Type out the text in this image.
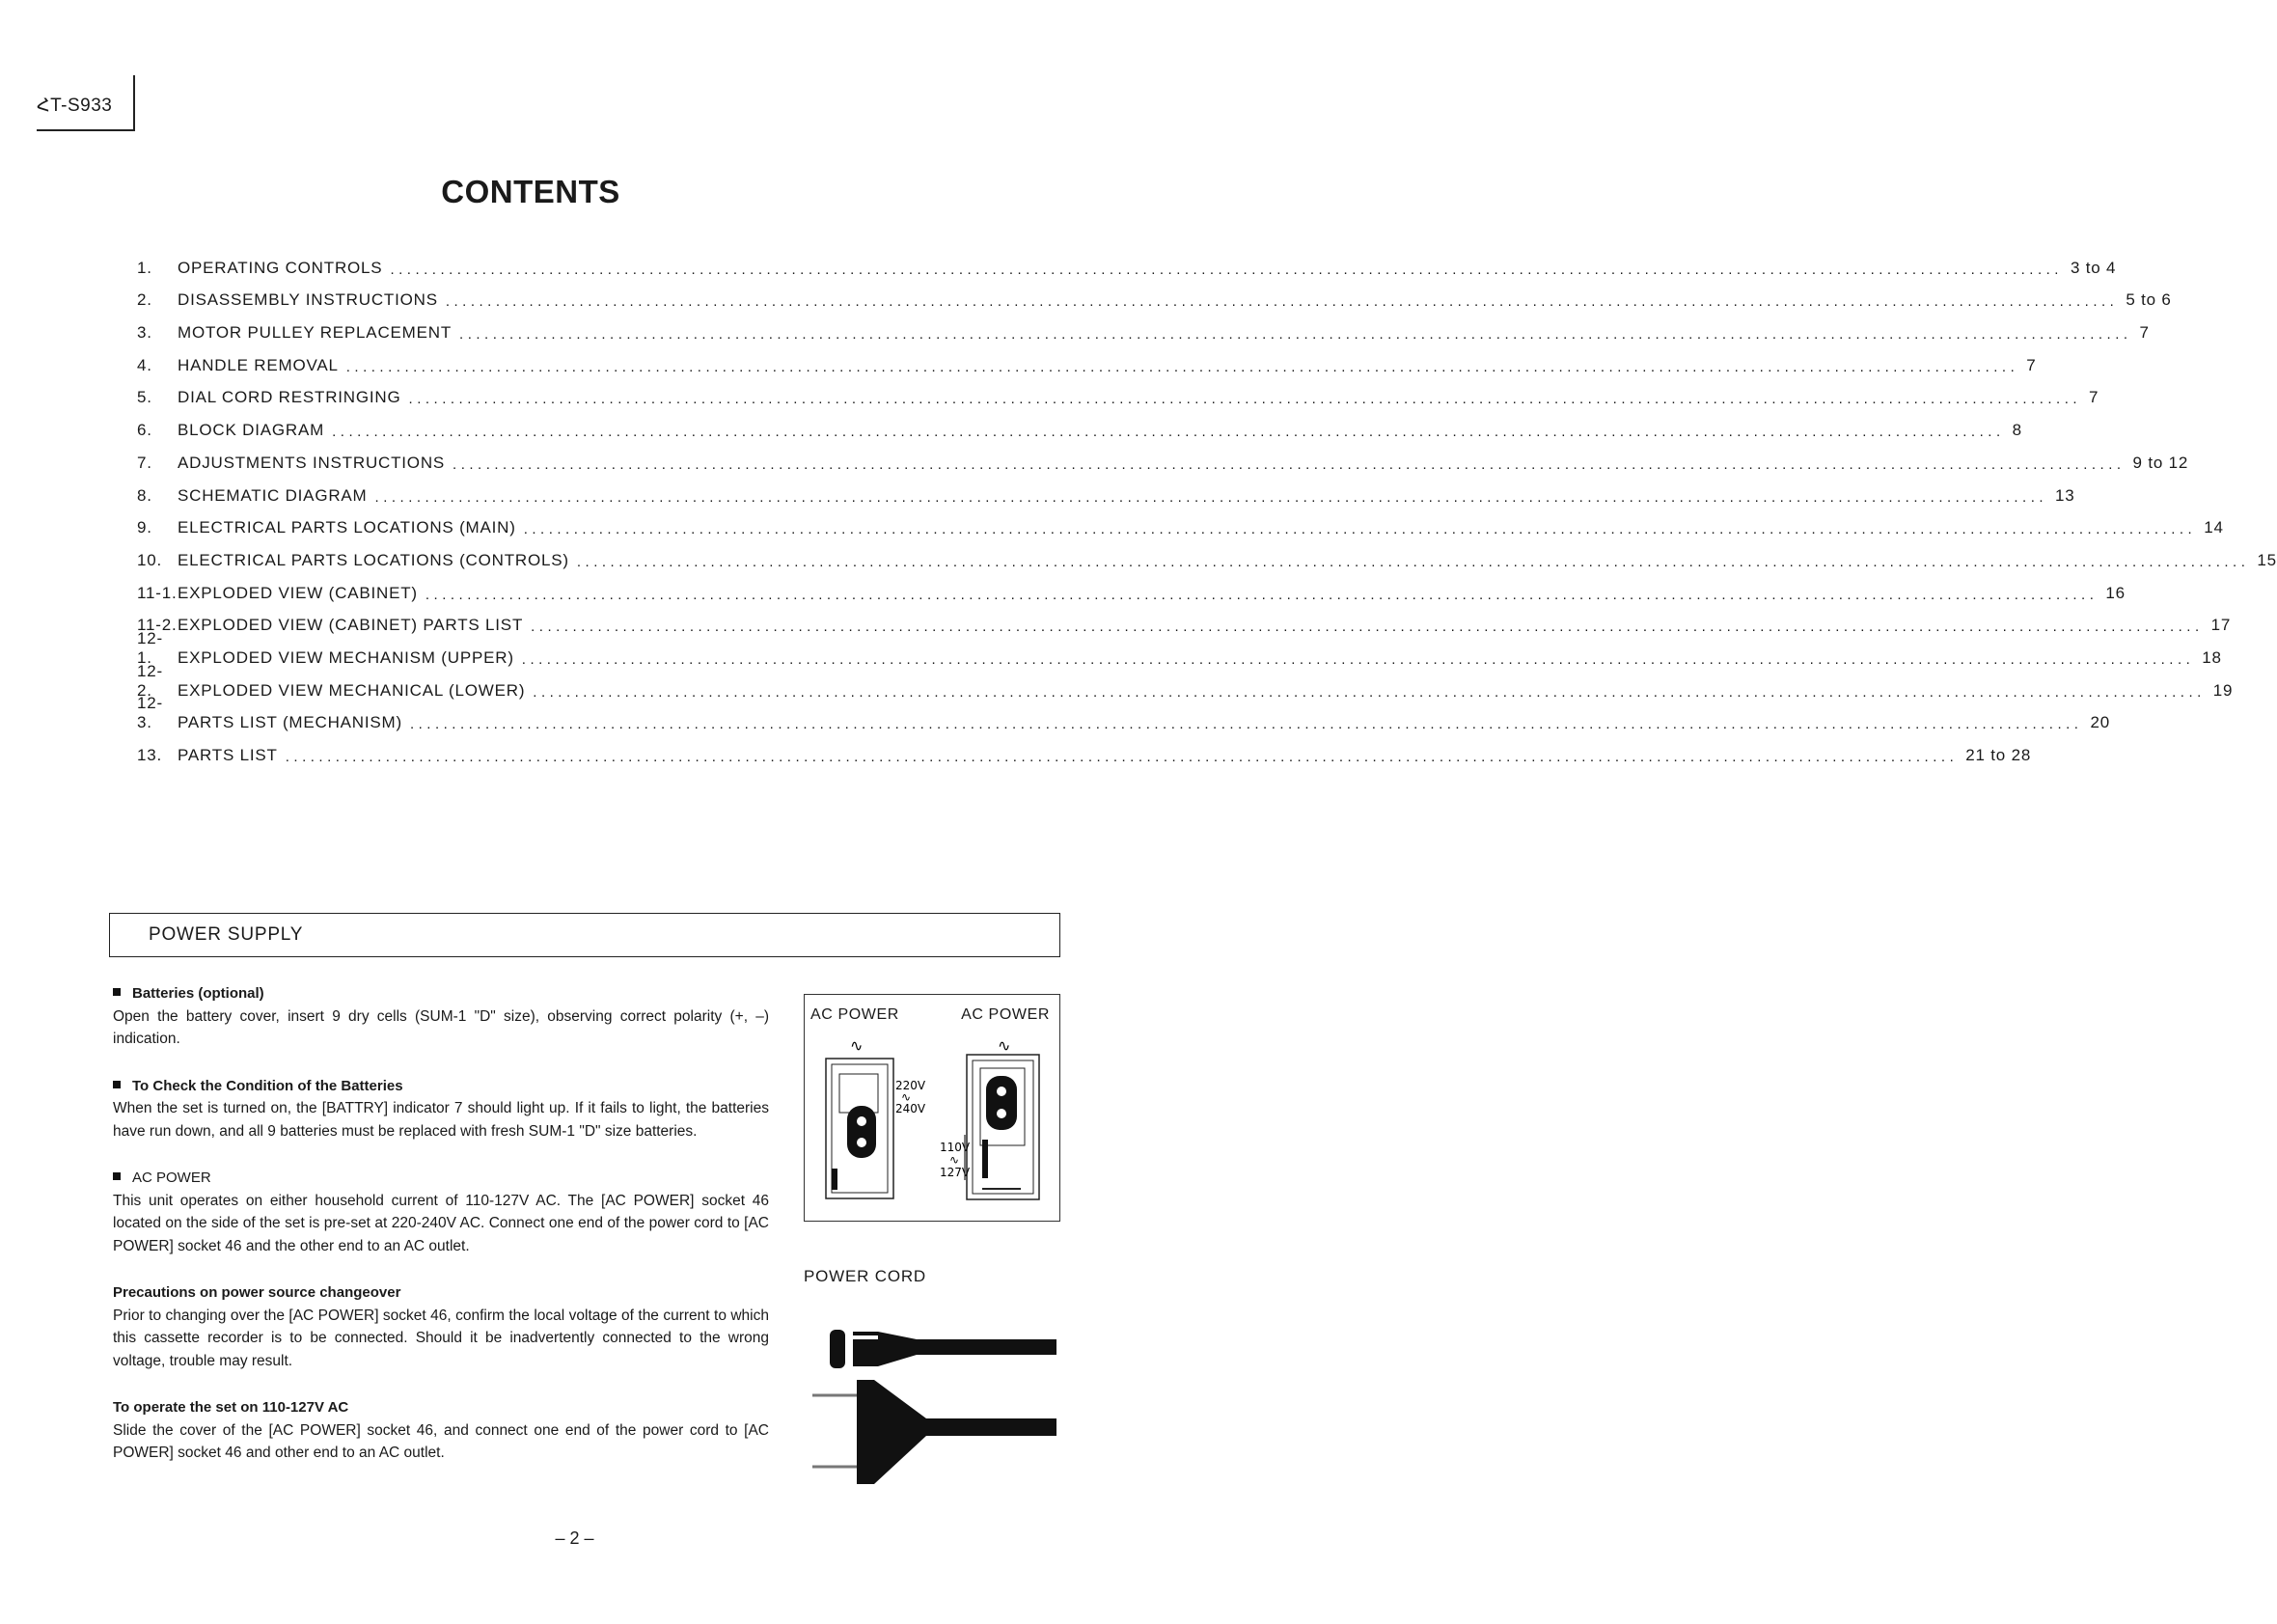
ՀT-S933
CONTENTS
1.	OPERATING CONTROLS ........................................................................................................................................................................................................ 3 to 4
2.	DISASSEMBLY INSTRUCTIONS ........................................................................................................................................................................................................ 5 to 6
3.	MOTOR PULLEY REPLACEMENT ........................................................................................................................................................................................................ 7
4.	HANDLE REMOVAL ........................................................................................................................................................................................................ 7
5.	DIAL CORD RESTRINGING ........................................................................................................................................................................................................ 7
6.	BLOCK DIAGRAM ........................................................................................................................................................................................................ 8
7.	ADJUSTMENTS INSTRUCTIONS ........................................................................................................................................................................................................ 9 to 12
8.	SCHEMATIC DIAGRAM ........................................................................................................................................................................................................ 13
9.	ELECTRICAL PARTS LOCATIONS (MAIN) ........................................................................................................................................................................................................ 14
10. ELECTRICAL PARTS LOCATIONS (CONTROLS) ........................................................................................................................................................................................................ 15
11-1. EXPLODED VIEW (CABINET) ........................................................................................................................................................................................................ 16
11-2. EXPLODED VIEW (CABINET) PARTS LIST ........................................................................................................................................................................................................ 17
12-1.	EXPLODED VIEW MECHANISM (UPPER) ........................................................................................................................................................................................................ 18
12-2.	EXPLODED VIEW MECHANICAL (LOWER) ........................................................................................................................................................................................................ 19
12-3.	PARTS LIST (MECHANISM) ........................................................................................................................................................................................................ 20
13. PARTS LIST ........................................................................................................................................................................................................ 21 to 28
POWER SUPPLY

Batteries (optional)
Open the battery cover, insert 9 dry cells (SUM-1 "D" size), observing correct polarity (+, –) indication.

To Check the Condition of the Batteries
When the set is turned on, the [BATTRY] indicator 7 should light up. If it fails to light, the batteries have run down, and all 9 batteries must be replaced with fresh SUM-1 "D" size batteries.

AC POWER
This unit operates on either household current of 110-127V AC. The [AC POWER] socket 46 located on the side of the set is pre-set at 220-240V AC. Connect one end of the power cord to [AC POWER] socket 46 and the other end to an AC outlet.

Precautions on power source changeover
Prior to changing over the [AC POWER] socket 46, confirm the local voltage of the current to which this cassette recorder is to be connected. Should it be inadvertently connected to the wrong voltage, trouble may result.

To operate the set on 110-127V AC
Slide the cover of the [AC POWER] socket 46, and connect one end of the power cord to [AC POWER] socket 46 and other end to an AC outlet.

AC POWER	AC POWER
∿	∿
220V
∿
240V
110V
∿
127V
POWER CORD
– 2 –
